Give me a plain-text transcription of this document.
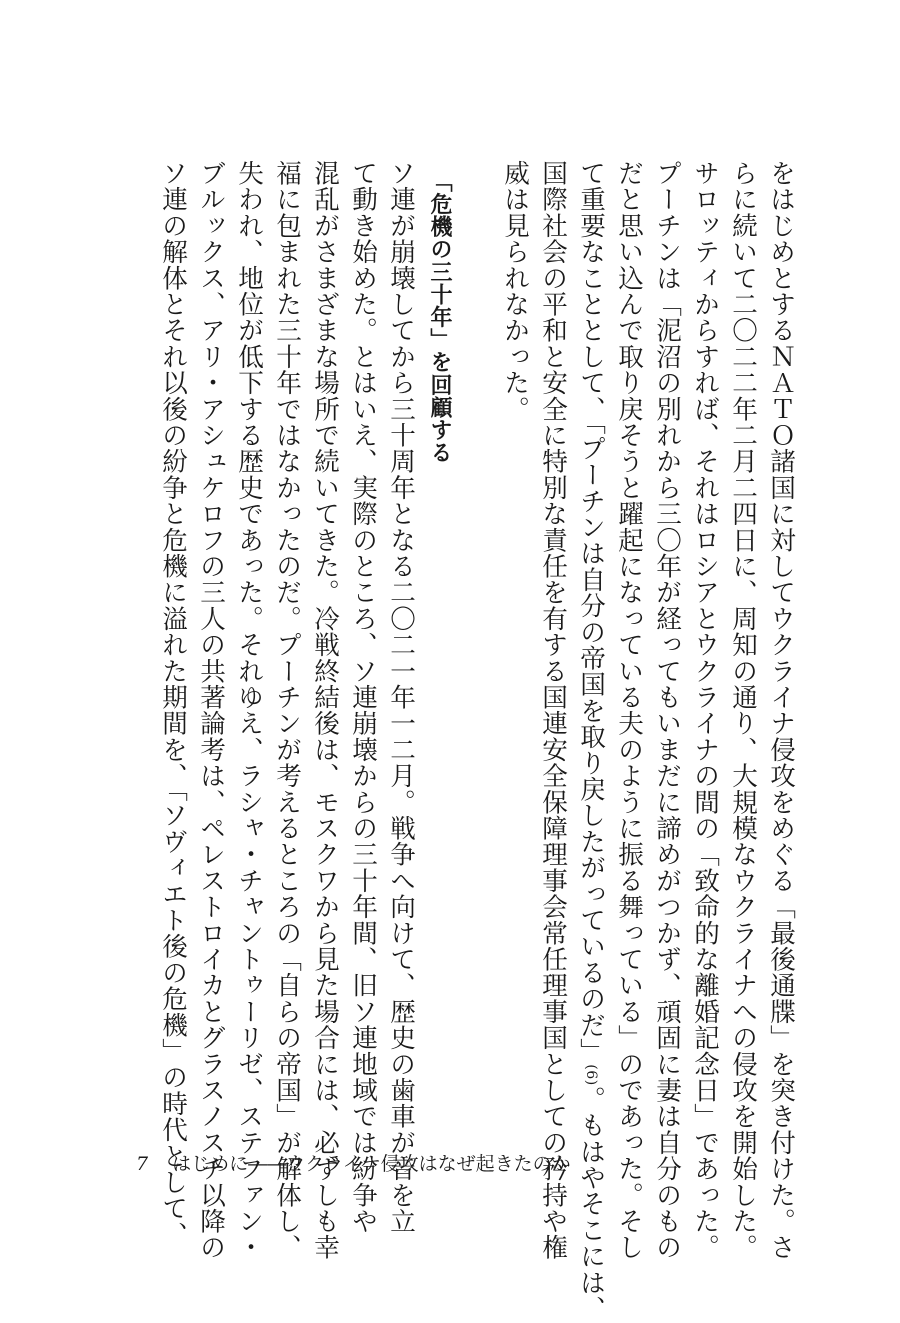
をはじめとするＮＡＴＯ諸国に対してウクライナ侵攻をめぐる「最後通牒」を突き付けた。さ
らに続いて二〇二二年二月二四日に、周知の通り、大規模なウクライナへの侵攻を開始した。
サロッティからすれば、それはロシアとウクライナの間の「致命的な離婚記念日」であった。
プーチンは「泥沼の別れから三〇年が経ってもいまだに諦めがつかず、頑固に妻は自分のもの
だと思い込んで取り戻そうと躍起になっている夫のように振る舞っている」のであった。そし
て重要なこととして、「プーチンは自分の帝国を取り戻したがっているのだ」(6)。もはやそこには、
国際社会の平和と安全に特別な責任を有する国連安全保障理事会常任理事国としての矜持や権
威は見られなかった。
「危機の三十年」を回顧する
ソ連が崩壊してから三十周年となる二〇二一年一二月。戦争へ向けて、歴史の歯車が音を立
て動き始めた。とはいえ、実際のところ、ソ連崩壊からの三十年間、旧ソ連地域では紛争や
混乱がさまざまな場所で続いてきた。冷戦終結後は、モスクワから見た場合には、必ずしも幸
福に包まれた三十年ではなかったのだ。プーチンが考えるところの「自らの帝国」が解体し、
失われ、地位が低下する歴史であった。それゆえ、ラシャ・チャントゥーリゼ、ステファン・
ブルックス、アリ・アシュケロフの三人の共著論考は、ペレストロイカとグラスノスチ以降の
ソ連の解体とそれ以後の紛争と危機に溢れた期間を、「ソヴィエト後の危機」の時代として、
7 はじめに――ウクライナ侵攻はなぜ起きたのか
